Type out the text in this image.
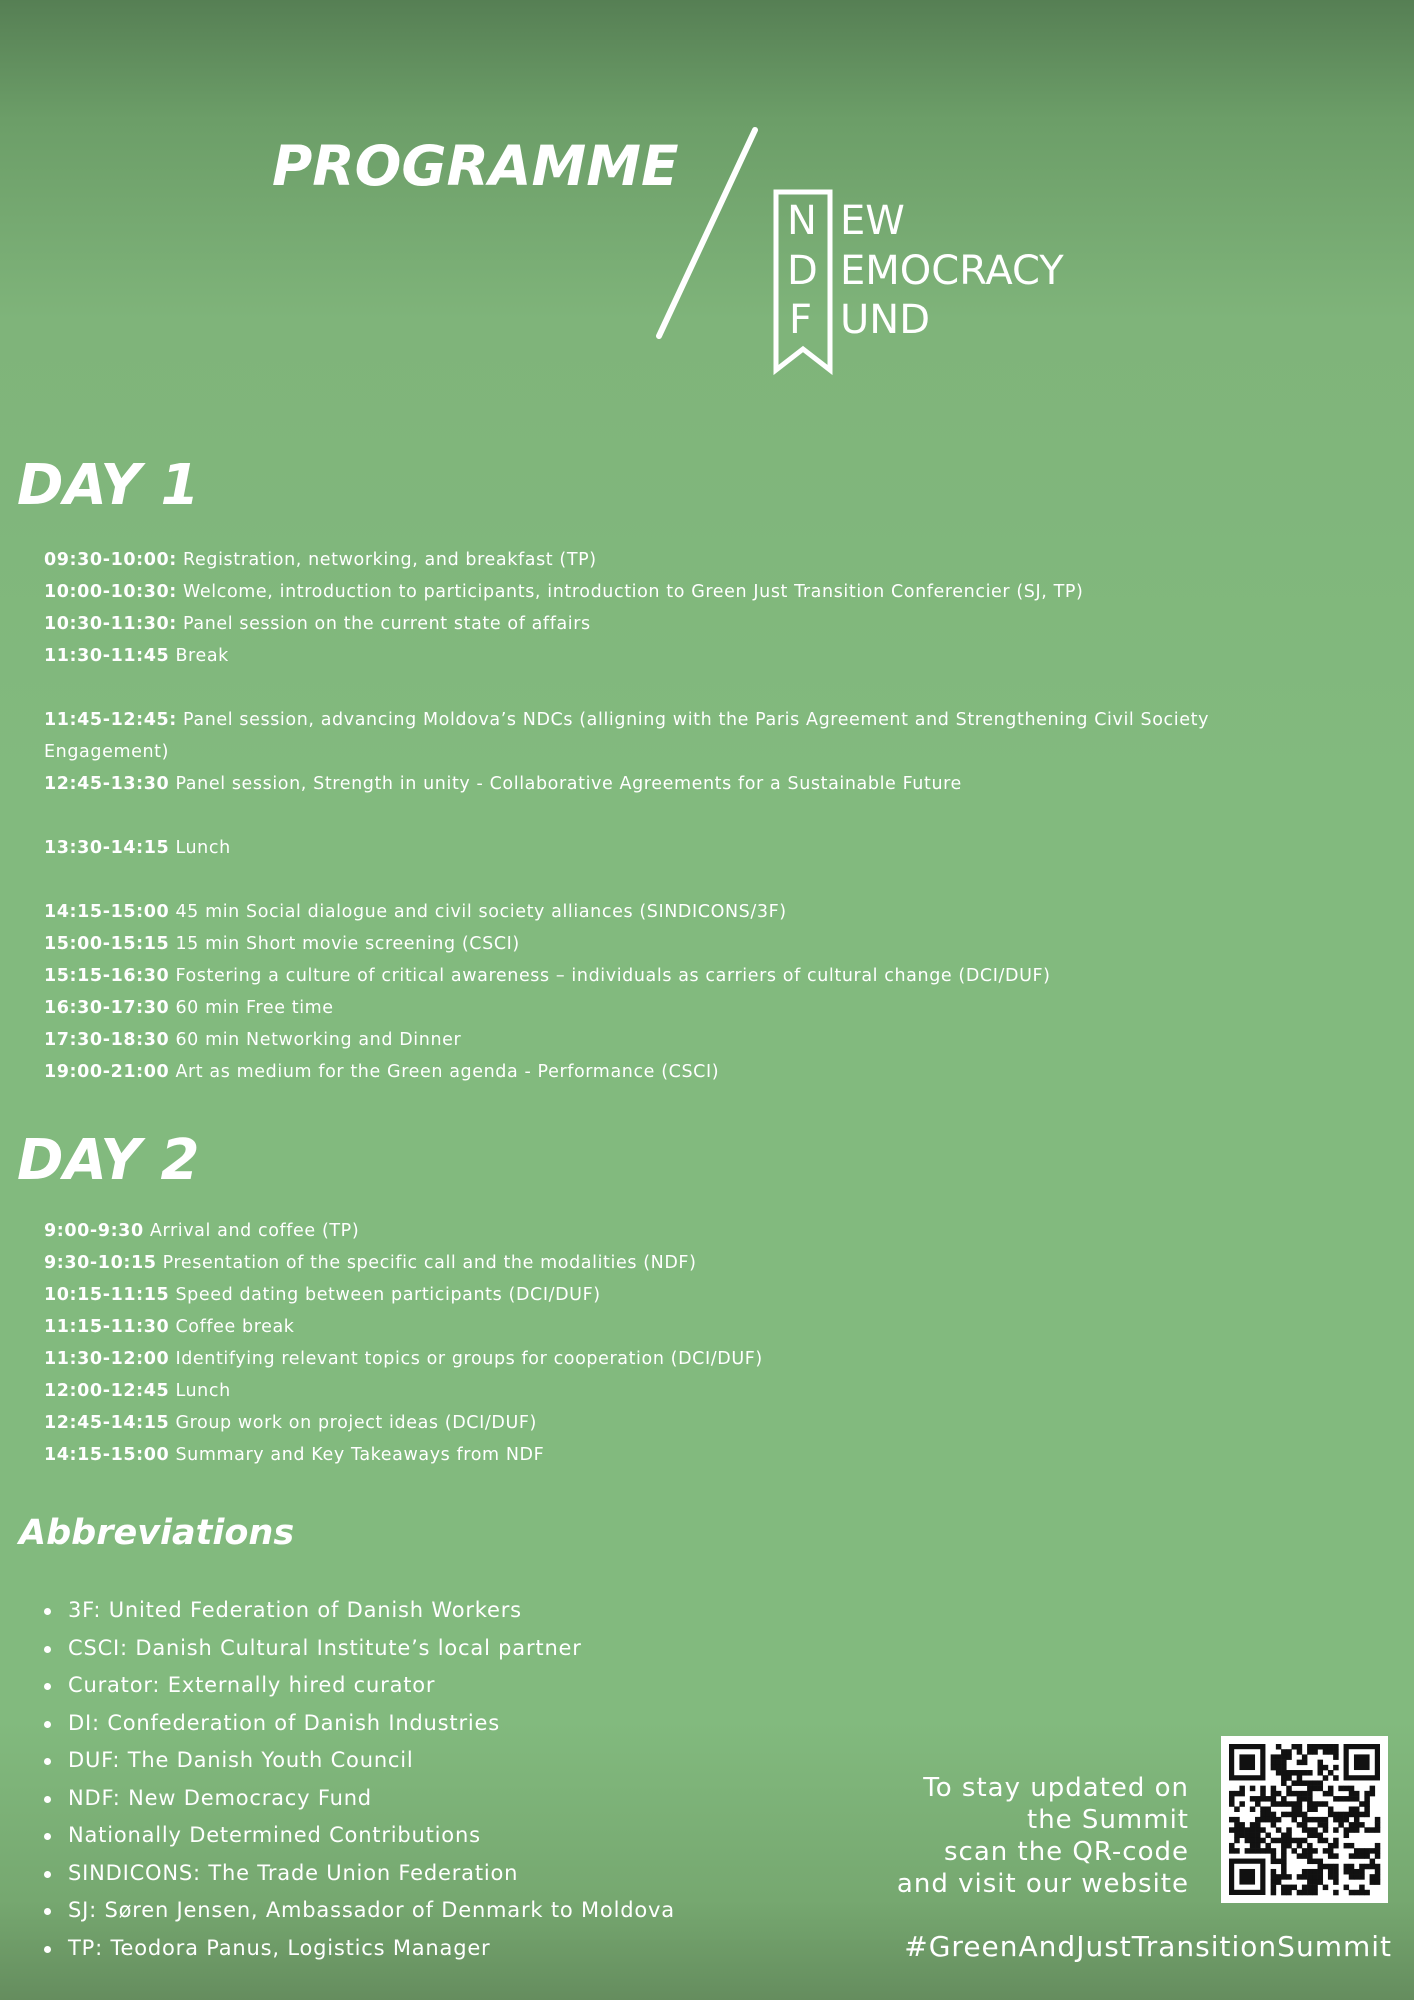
PROGRAMME
N
D
F
EW
EMOCRACY
UND
DAY 1
09:30-10:00: Registration, networking, and breakfast (TP)
10:00-10:30: Welcome, introduction to participants, introduction to Green Just Transition Conferencier (SJ, TP)
10:30-11:30: Panel session on the current state of affairs
11:30-11:45 Break
11:45-12:45: Panel session, advancing Moldova’s NDCs (alligning with the Paris Agreement and Strengthening Civil Society Engagement)
12:45-13:30 Panel session, Strength in unity - Collaborative Agreements for a Sustainable Future
13:30-14:15 Lunch
14:15-15:00 45 min Social dialogue and civil society alliances (SINDICONS/3F)
15:00-15:15 15 min Short movie screening (CSCI)
15:15-16:30 Fostering a culture of critical awareness – individuals as carriers of cultural change (DCI/DUF)
16:30-17:30 60 min Free time
17:30-18:30 60 min Networking and Dinner
19:00-21:00 Art as medium for the Green agenda - Performance (CSCI)
DAY 2
9:00-9:30 Arrival and coffee (TP)
9:30-10:15 Presentation of the specific call and the modalities (NDF)
10:15-11:15 Speed dating between participants (DCI/DUF)
11:15-11:30 Coffee break
11:30-12:00 Identifying relevant topics or groups for cooperation (DCI/DUF)
12:00-12:45 Lunch
12:45-14:15 Group work on project ideas (DCI/DUF)
14:15-15:00 Summary and Key Takeaways from NDF
Abbreviations
3F: United Federation of Danish Workers
CSCI: Danish Cultural Institute’s local partner
Curator: Externally hired curator
DI: Confederation of Danish Industries
DUF: The Danish Youth Council
NDF: New Democracy Fund
Nationally Determined Contributions
SINDICONS: The Trade Union Federation
SJ: Søren Jensen, Ambassador of Denmark to Moldova
TP: Teodora Panus, Logistics Manager
To stay updated on
the Summit
scan the QR-code
and visit our website
#GreenAndJustTransitionSummit
